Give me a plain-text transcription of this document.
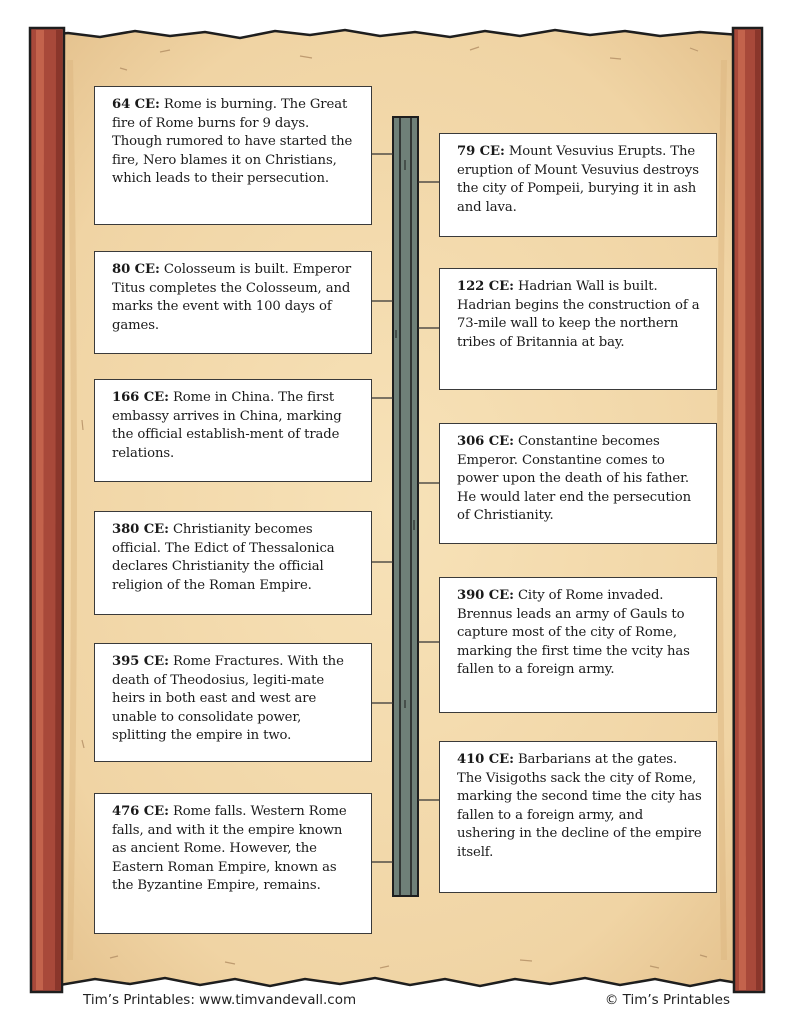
64 CE: Rome is burning. The Great fire of Rome burns for 9 days. Though rumored to have started the fire, Nero blames it on Christians, which leads to their persecution.
80 CE: Colosseum is built. Emperor Titus completes the Colosseum, and marks the event with 100 days of games.
166 CE: Rome in China. The first embassy arrives in China, marking the official establish-ment of trade relations.
380 CE: Christianity becomes official. The Edict of Thessalonica declares Christianity the official religion of the Roman Empire.
395 CE: Rome Fractures. With the death of Theodosius, legiti-mate heirs in both east and west are unable to consolidate power, splitting the empire in two.
476 CE: Rome falls. Western Rome falls, and with it the empire known as ancient Rome. However, the Eastern Roman Empire, known as the Byzantine Empire, remains.
79 CE: Mount Vesuvius Erupts. The eruption of Mount Vesuvius destroys the city of Pompeii, burying it in ash and lava.
122 CE: Hadrian Wall is built. Hadrian begins the construction of a 73-mile wall to keep the northern tribes of Britannia at bay.
306 CE: Constantine becomes Emperor. Constantine comes to power upon the death of his father. He would later end the persecution of Christianity.
390 CE: City of Rome invaded. Brennus leads an army of Gauls to capture most of the city of Rome, marking the first time the vcity has fallen to a foreign army.
410 CE: Barbarians at the gates. The Visigoths sack the city of Rome, marking the second time the city has fallen to a foreign army, and ushering in the decline of the empire itself.
Tim’s Printables: www.timvandevall.com	© Tim’s Printables
